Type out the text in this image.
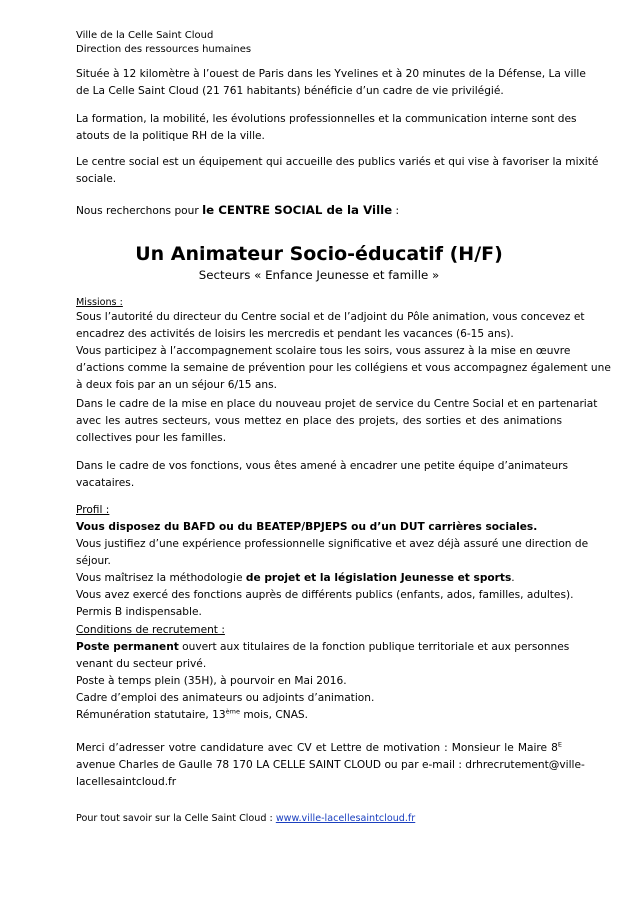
Ville de la Celle Saint Cloud
Direction des ressources humaines
Située à 12 kilomètre à l’ouest de Paris dans les Yvelines et à 20 minutes de la Défense, La ville
de La Celle Saint Cloud (21 761 habitants) bénéficie d’un cadre de vie privilégié.
La formation, la mobilité, les évolutions professionnelles et la communication interne sont des
atouts de la politique RH de la ville.
Le centre social est un équipement qui accueille des publics variés et qui vise à favoriser la mixité
sociale.
Nous recherchons pour le CENTRE SOCIAL de la Ville :
Un Animateur Socio-éducatif (H/F)
Secteurs « Enfance Jeunesse et famille »
Missions :
Sous l’autorité du directeur du Centre social et de l’adjoint du Pôle animation, vous concevez et
encadrez des activités de loisirs les mercredis et pendant les vacances (6-15 ans).
Vous participez à l’accompagnement scolaire tous les soirs, vous assurez à la mise en œuvre
d’actions comme la semaine de prévention pour les collégiens et vous accompagnez également une
à deux fois par an un séjour 6/15 ans.
Dans le cadre de la mise en place du nouveau projet de service du Centre Social et en partenariat
avec les autres secteurs, vous mettez en place des projets, des sorties et des animations
collectives pour les familles.
Dans le cadre de vos fonctions, vous êtes amené à encadrer une petite équipe d’animateurs
vacataires.
Profil :
Vous disposez du BAFD ou du BEATEP/BPJEPS ou d’un DUT carrières sociales.
Vous justifiez d’une expérience professionnelle significative et avez déjà assuré une direction de
séjour.
Vous maîtrisez la méthodologie de projet et la législation Jeunesse et sports.
Vous avez exercé des fonctions auprès de différents publics (enfants, ados, familles, adultes).
Permis B indispensable.
Conditions de recrutement :
Poste permanent ouvert aux titulaires de la fonction publique territoriale et aux personnes
venant du secteur privé.
Poste à temps plein (35H), à pourvoir en Mai 2016.
Cadre d’emploi des animateurs ou adjoints d’animation.
Rémunération statutaire, 13ème mois, CNAS.
Merci d’adresser votre candidature avec CV et Lettre de motivation : Monsieur le Maire $8^E$
avenue Charles de Gaulle 78 170 LA CELLE SAINT CLOUD ou par e-mail : drhrecrutement@ville-
lacellesaintcloud.fr
Pour tout savoir sur la Celle Saint Cloud : www.ville-lacellesaintcloud.fr
